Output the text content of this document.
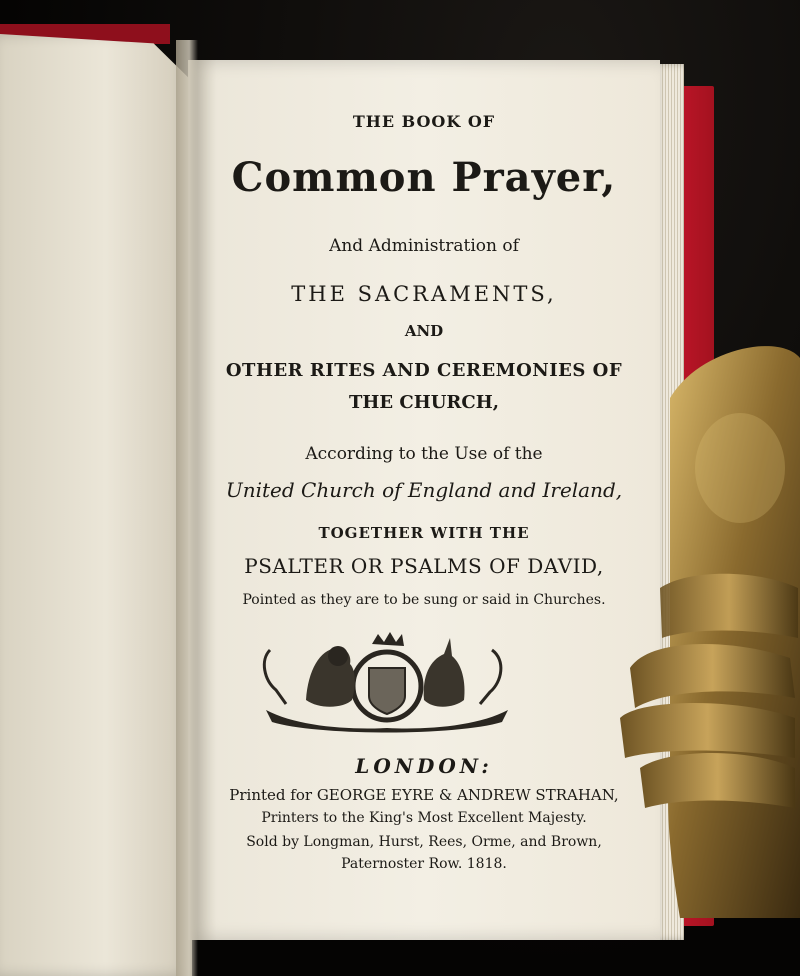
THE BOOK OF
Common Prayer,
And Administration of
THE SACRAMENTS,
AND
OTHER RITES AND CEREMONIES OF
THE CHURCH,
According to the Use of the
United Church of England and Ireland,
TOGETHER WITH THE
PSALTER OR PSALMS OF DAVID,
Pointed as they are to be sung or said in Churches.
LONDON:
Printed for GEORGE EYRE & ANDREW STRAHAN,
Printers to the King's Most Excellent Majesty.
Sold by Longman, Hurst, Rees, Orme, and Brown,
Paternoster Row. 1818.
